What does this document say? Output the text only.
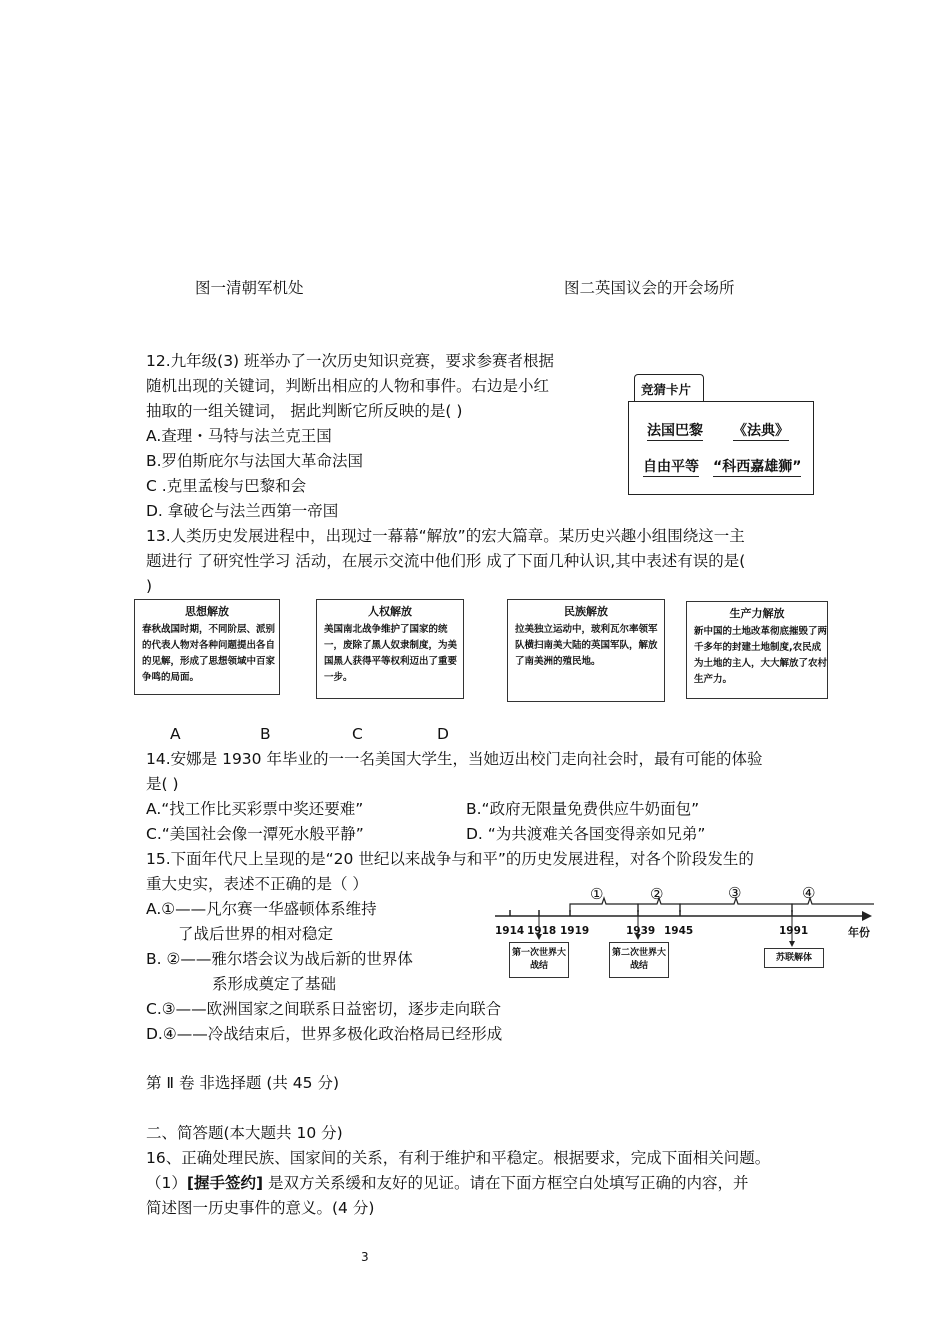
图一清朝军机处	图二英国议会的开会场所
12.九年级(3) 班举办了一次历史知识竞赛，要求参赛者根据
随机出现的关键词，判断出相应的人物和事件。右边是小红
抽取的一组关键词， 据此判断它所反映的是( )
A.查理・马特与法兰克王国
B.罗伯斯庇尔与法国大革命法国
C .克里孟梭与巴黎和会
D. 拿破仑与法兰西第一帝国
竞猜卡片
法国巴黎 《法典》
自由平等 “科西嘉雄狮”
13.人类历史发展进程中，出现过一幕幕“解放”的宏大篇章。某历史兴趣小组围绕这一主
题进行 了研究性学习 活动，在展示交流中他们形 成了下面几种认识,其中表述有误的是(
)
思想解放
春秋战国时期，不同阶层、派别的代表人物对各种问题提出各自的见解，形成了思想领域中百家争鸣的局面。
人权解放
美国南北战争维护了国家的统一，废除了黑人奴隶制度，为美国黑人获得平等权利迈出了重要一步。
民族解放
拉美独立运动中，玻利瓦尔率领军队横扫南美大陆的英国军队，解放了南美洲的殖民地。
生产力解放
新中国的土地改革彻底摧毁了两千多年的封建土地制度,农民成为土地的主人，大大解放了农村生产力。
A	B	C	D
14.安娜是 1930 年毕业的一一名美国大学生，当她迈出校门走向社会时，最有可能的体验
是( )
A.“找工作比买彩票中奖还要难”	B.“政府无限量免费供应牛奶面包”
C.“美国社会像一潭死水般平静”	D. “为共渡难关各国变得亲如兄弟”
15.下面年代尺上呈现的是“20 世纪以来战争与和平”的历史发展进程，对各个阶段发生的
重大史实，表述不正确的是（ ）
A.①——凡尔赛一华盛顿体系维持
了战后世界的相对稳定
B. ②——雅尔塔会议为战后新的世界体
系形成奠定了基础
C.③——欧洲国家之间联系日益密切，逐步走向联合
D.④——冷战结束后，世界多极化政治格局已经形成
①	②	③	④
1914 1918 1919	1939 1945	1991	年份
第一次世界大战结
第二次世界大战结
苏联解体
第 Ⅱ 卷 非选择题 (共 45 分)
二、简答题(本大题共 10 分)
16、正确处理民族、国家间的关系，有利于维护和平稳定。根据要求，完成下面相关问题。
（1）[握手签约] 是双方关系缓和友好的见证。请在下面方框空白处填写正确的内容，并
简述图一历史事件的意义。(4 分)
3
